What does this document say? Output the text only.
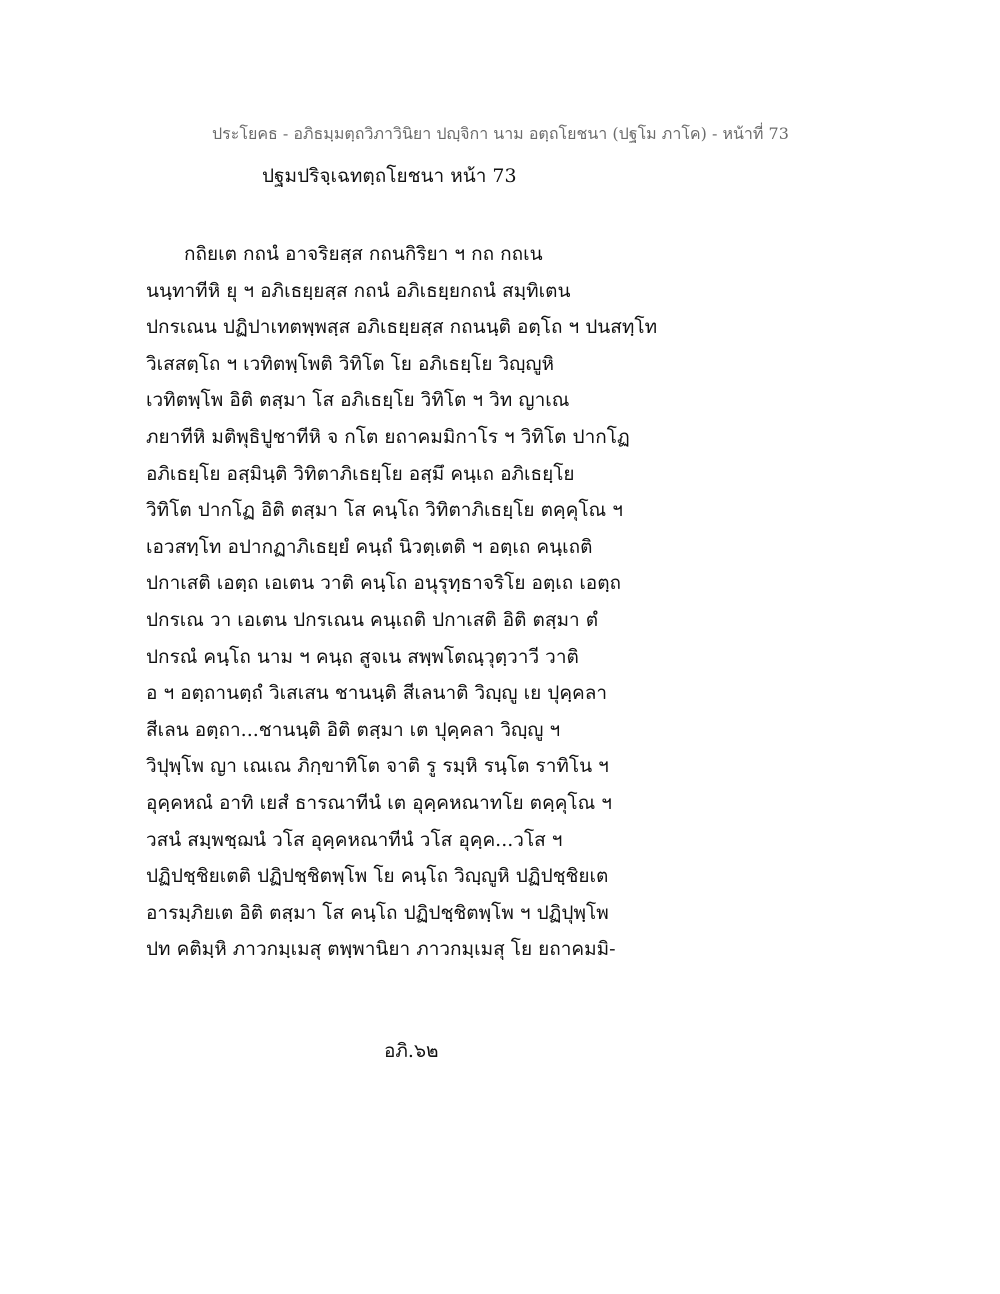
ประโยคธ - อภิธมฺมตฺถวิภาวินิยา ปญฺจิกา นาม อตฺถโยชนา (ปฐโม ภาโค) - หน้าที่ 73
ปฐมปริจฺเฉทตฺถโยชนา หน้า 73
กถิยเต กถนํ อาจริยสฺส กถนกิริยา ฯ กถ กถเน
นนฺทาทีหิ ยุ ฯ อภิเธยฺยสฺส กถนํ อภิเธยฺยกถนํ สมฺทิเตน
ปกรเณน ปฏิปาเทตพฺพสฺส อภิเธยฺยสฺส กถนนฺติ อตฺโถ ฯ ปนสทฺโท
วิเสสตฺโถ ฯ เวทิตพฺโพติ วิทิโต โย อภิเธยฺโย วิญฺญูหิ
เวทิตพฺโพ อิติ ตสฺมา โส อภิเธยฺโย วิทิโต ฯ วิท ญาเณ
ภยาทีหิ มติพุธิปูชาทีหิ จ กโต ยถาคมมิกาโร ฯ วิทิโต ปากโฏ
อภิเธยฺโย อสฺมินฺติ วิทิตาภิเธยฺโย อสฺมึ คนฺเถ อภิเธยฺโย
วิทิโต ปากโฏ อิติ ตสฺมา โส คนฺโถ วิทิตาภิเธยฺโย ตคฺคุโณ ฯ
เอวสทฺโท อปากฏาภิเธยฺยํ คนฺถํ นิวตฺเตติ ฯ อตฺเถ คนฺเถติ
ปกาเสติ เอตฺถ เอเตน วาติ คนฺโถ อนุรุทฺธาจริโย อตฺเถ เอตฺถ
ปกรเณ วา เอเตน ปกรเณน คนฺเถติ ปกาเสติ อิติ ตสฺมา ตํ
ปกรณํ คนฺโถ นาม ฯ คนฺถ สูจเน สพฺพโตณฺวุตฺวาวี วาติ
อ ฯ อตฺถานตฺถํ วิเสเสน ชานนฺติ สีเลนาติ วิญฺญู เย ปุคฺคลา
สีเลน อตฺถา...ชานนฺติ อิติ ตสฺมา เต ปุคฺคลา วิญฺญู ฯ
วิปุพฺโพ ญา เณเณ ภิกฺขาทิโต จาติ รู รมฺหิ รนฺโต ราทิโน ฯ
อุคฺคหณํ อาทิ เยสํ ธารณาทีนํ เต อุคฺคหณาทโย ตคฺคุโณ ฯ
วสนํ สมฺพชฺฌนํ วโส อุคฺคหณาทีนํ วโส อุคฺค...วโส ฯ
ปฏิปชฺชิยเตติ ปฏิปชฺชิตพฺโพ โย คนฺโถ วิญฺญูหิ ปฏิปชฺชิยเต
อารมฺภิยเต อิติ ตสฺมา โส คนฺโถ ปฏิปชฺชิตพฺโพ ฯ ปฏิปุพฺโพ
ปท คติมฺหิ ภาวกมฺเมสุ ตพฺพานิยา ภาวกมฺเมสุ โย ยถาคมมิ-
อภิ.๖๒
